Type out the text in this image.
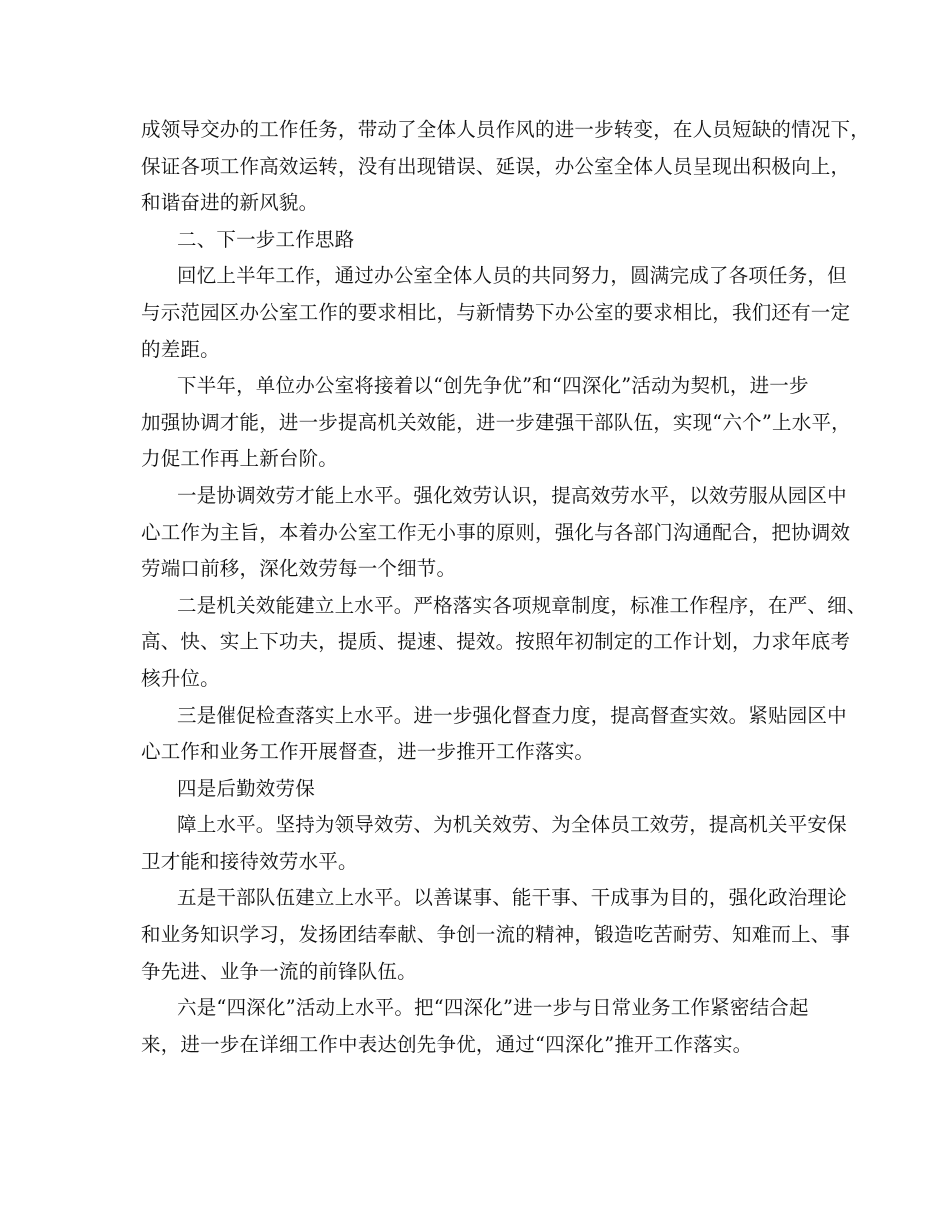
成领导交办的工作任务，带动了全体人员作风的进一步转变，在人员短缺的情况下，
保证各项工作高效运转，没有出现错误、延误，办公室全体人员呈现出积极向上，
和谐奋进的新风貌。
二、下一步工作思路
回忆上半年工作，通过办公室全体人员的共同努力，圆满完成了各项任务，但
与示范园区办公室工作的要求相比，与新情势下办公室的要求相比，我们还有一定
的差距。
下半年，单位办公室将接着以“创先争优”和“四深化”活动为契机，进一步
加强协调才能，进一步提高机关效能，进一步建强干部队伍，实现“六个”上水平，
力促工作再上新台阶。
一是协调效劳才能上水平。强化效劳认识，提高效劳水平，以效劳服从园区中
心工作为主旨，本着办公室工作无小事的原则，强化与各部门沟通配合，把协调效
劳端口前移，深化效劳每一个细节。
二是机关效能建立上水平。严格落实各项规章制度，标准工作程序，在严、细、
高、快、实上下功夫，提质、提速、提效。按照年初制定的工作计划，力求年底考
核升位。
三是催促检查落实上水平。进一步强化督查力度，提高督查实效。紧贴园区中
心工作和业务工作开展督查，进一步推开工作落实。
四是后勤效劳保
障上水平。坚持为领导效劳、为机关效劳、为全体员工效劳，提高机关平安保
卫才能和接待效劳水平。
五是干部队伍建立上水平。以善谋事、能干事、干成事为目的，强化政治理论
和业务知识学习，发扬团结奉献、争创一流的精神，锻造吃苦耐劳、知难而上、事
争先进、业争一流的前锋队伍。
六是“四深化”活动上水平。把“四深化”进一步与日常业务工作紧密结合起
来，进一步在详细工作中表达创先争优，通过“四深化”推开工作落实。
